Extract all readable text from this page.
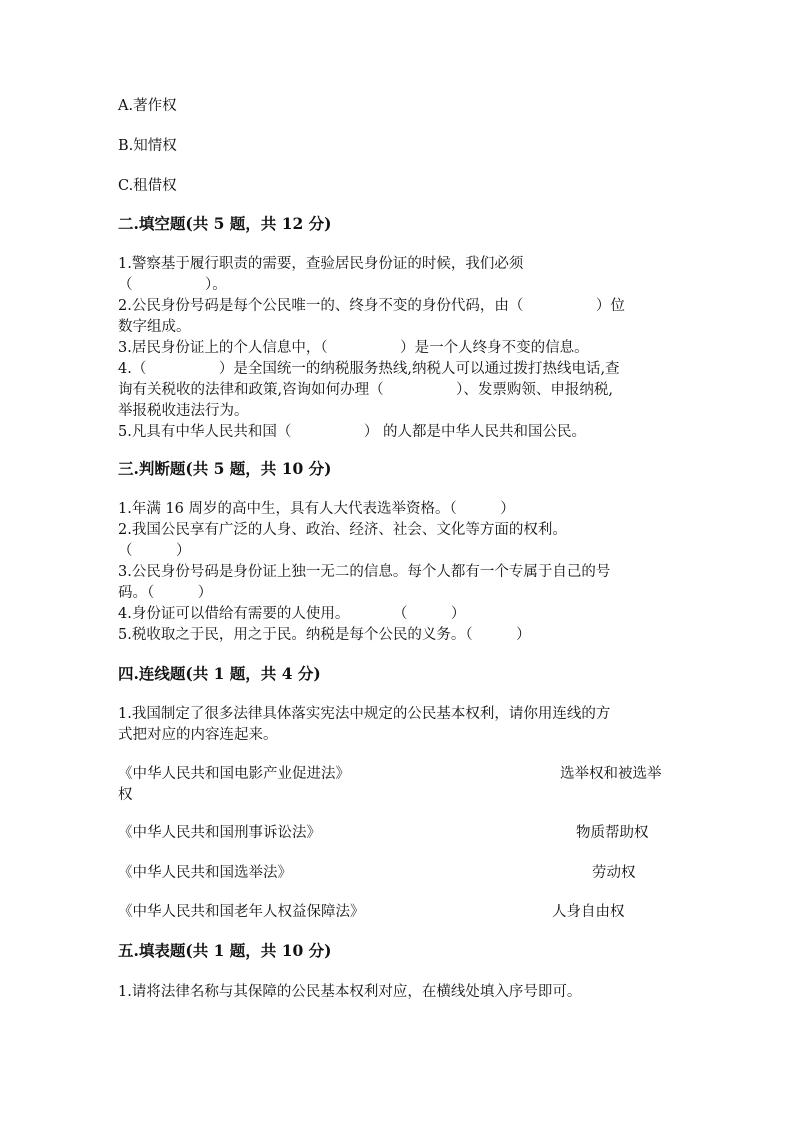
A.著作权
B.知情权
C.租借权
二.填空题(共 5 题，共 12 分)
1.警察基于履行职责的需要，查验居民身份证的时候，我们必须
（　　　　　）。
2.公民身份号码是每个公民唯一的、终身不变的身份代码，由（　　　　　）位
数字组成。
3.居民身份证上的个人信息中，（　　　　　）是一个人终身不变的信息。
4.（　　　　　）是全国统一的纳税服务热线,纳税人可以通过拨打热线电话,查
询有关税收的法律和政策,咨询如何办理（　　　　　）、发票购领、申报纳税,
举报税收违法行为。
5.凡具有中华人民共和国（　　　　　） 的人都是中华人民共和国公民。
三.判断题(共 5 题，共 10 分)
1.年满 16 周岁的高中生，具有人大代表选举资格。（　　　）
2.我国公民享有广泛的人身、政治、经济、社会、文化等方面的权利。
（　　　）
3.公民身份号码是身份证上独一无二的信息。每个人都有一个专属于自己的号
码。（　　　）
4.身份证可以借给有需要的人使用。　　　　（　　　）
5.税收取之于民，用之于民。纳税是每个公民的义务。（　　　）
四.连线题(共 1 题，共 4 分)
1.我国制定了很多法律具体落实宪法中规定的公民基本权利，请你用连线的方
式把对应的内容连起来。
《中华人民共和国电影产业促进法》	选举权和被选举
权
《中华人民共和国刑事诉讼法》	物质帮助权
《中华人民共和国选举法》	劳动权
《中华人民共和国老年人权益保障法》	人身自由权
五.填表题(共 1 题，共 10 分)
1.请将法律名称与其保障的公民基本权利对应，在横线处填入序号即可。
